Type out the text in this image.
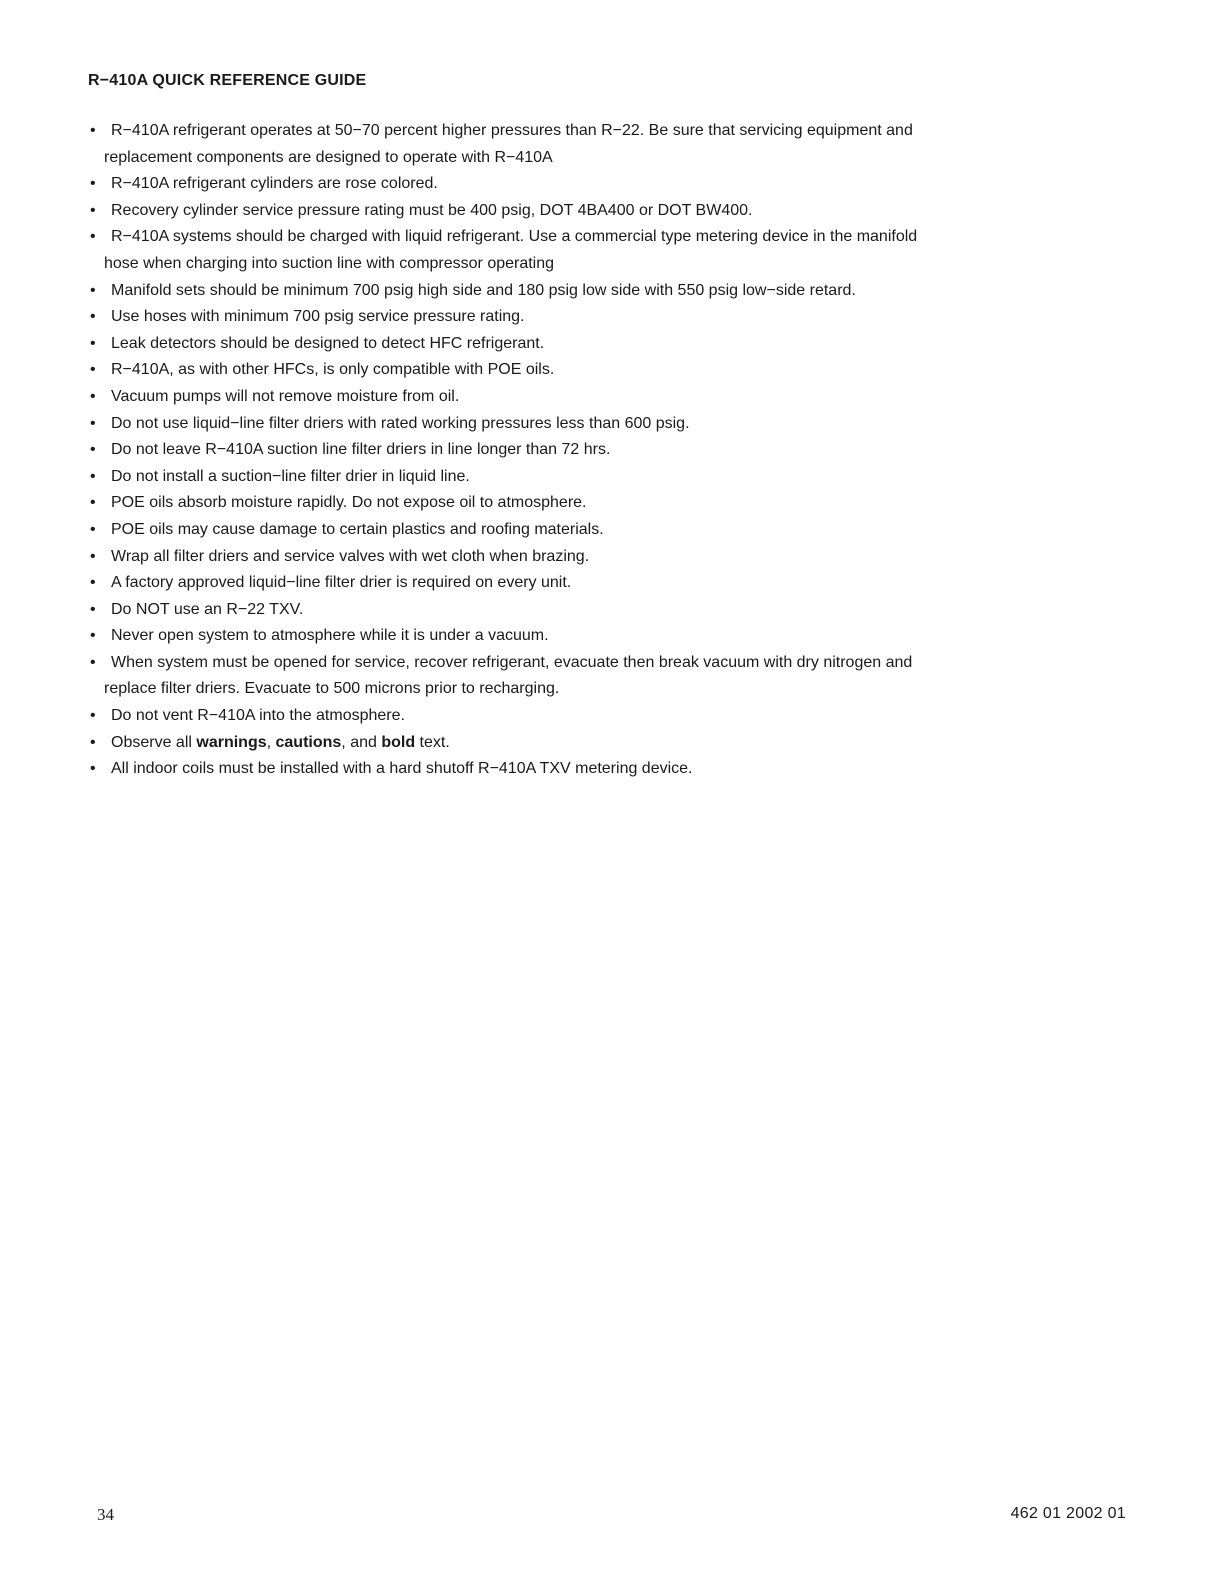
R−410A QUICK REFERENCE GUIDE
• R−410A refrigerant operates at 50−70 percent higher pressures than R−22. Be sure that servicing equipment and
replacement components are designed to operate with R−410A
• R−410A refrigerant cylinders are rose colored.
• Recovery cylinder service pressure rating must be 400 psig, DOT 4BA400 or DOT BW400.
• R−410A systems should be charged with liquid refrigerant. Use a commercial type metering device in the manifold
hose when charging into suction line with compressor operating
• Manifold sets should be minimum 700 psig high side and 180 psig low side with 550 psig low−side retard.
• Use hoses with minimum 700 psig service pressure rating.
• Leak detectors should be designed to detect HFC refrigerant.
• R−410A, as with other HFCs, is only compatible with POE oils.
• Vacuum pumps will not remove moisture from oil.
• Do not use liquid−line filter driers with rated working pressures less than 600 psig.
• Do not leave R−410A suction line filter driers in line longer than 72 hrs.
• Do not install a suction−line filter drier in liquid line.
• POE oils absorb moisture rapidly. Do not expose oil to atmosphere.
• POE oils may cause damage to certain plastics and roofing materials.
• Wrap all filter driers and service valves with wet cloth when brazing.
• A factory approved liquid−line filter drier is required on every unit.
• Do NOT use an R−22 TXV.
• Never open system to atmosphere while it is under a vacuum.
• When system must be opened for service, recover refrigerant, evacuate then break vacuum with dry nitrogen and
replace filter driers. Evacuate to 500 microns prior to recharging.
• Do not vent R−410A into the atmosphere.
• Observe all warnings, cautions, and bold text.
• All indoor coils must be installed with a hard shutoff R−410A TXV metering device.
34	462 01 2002 01
